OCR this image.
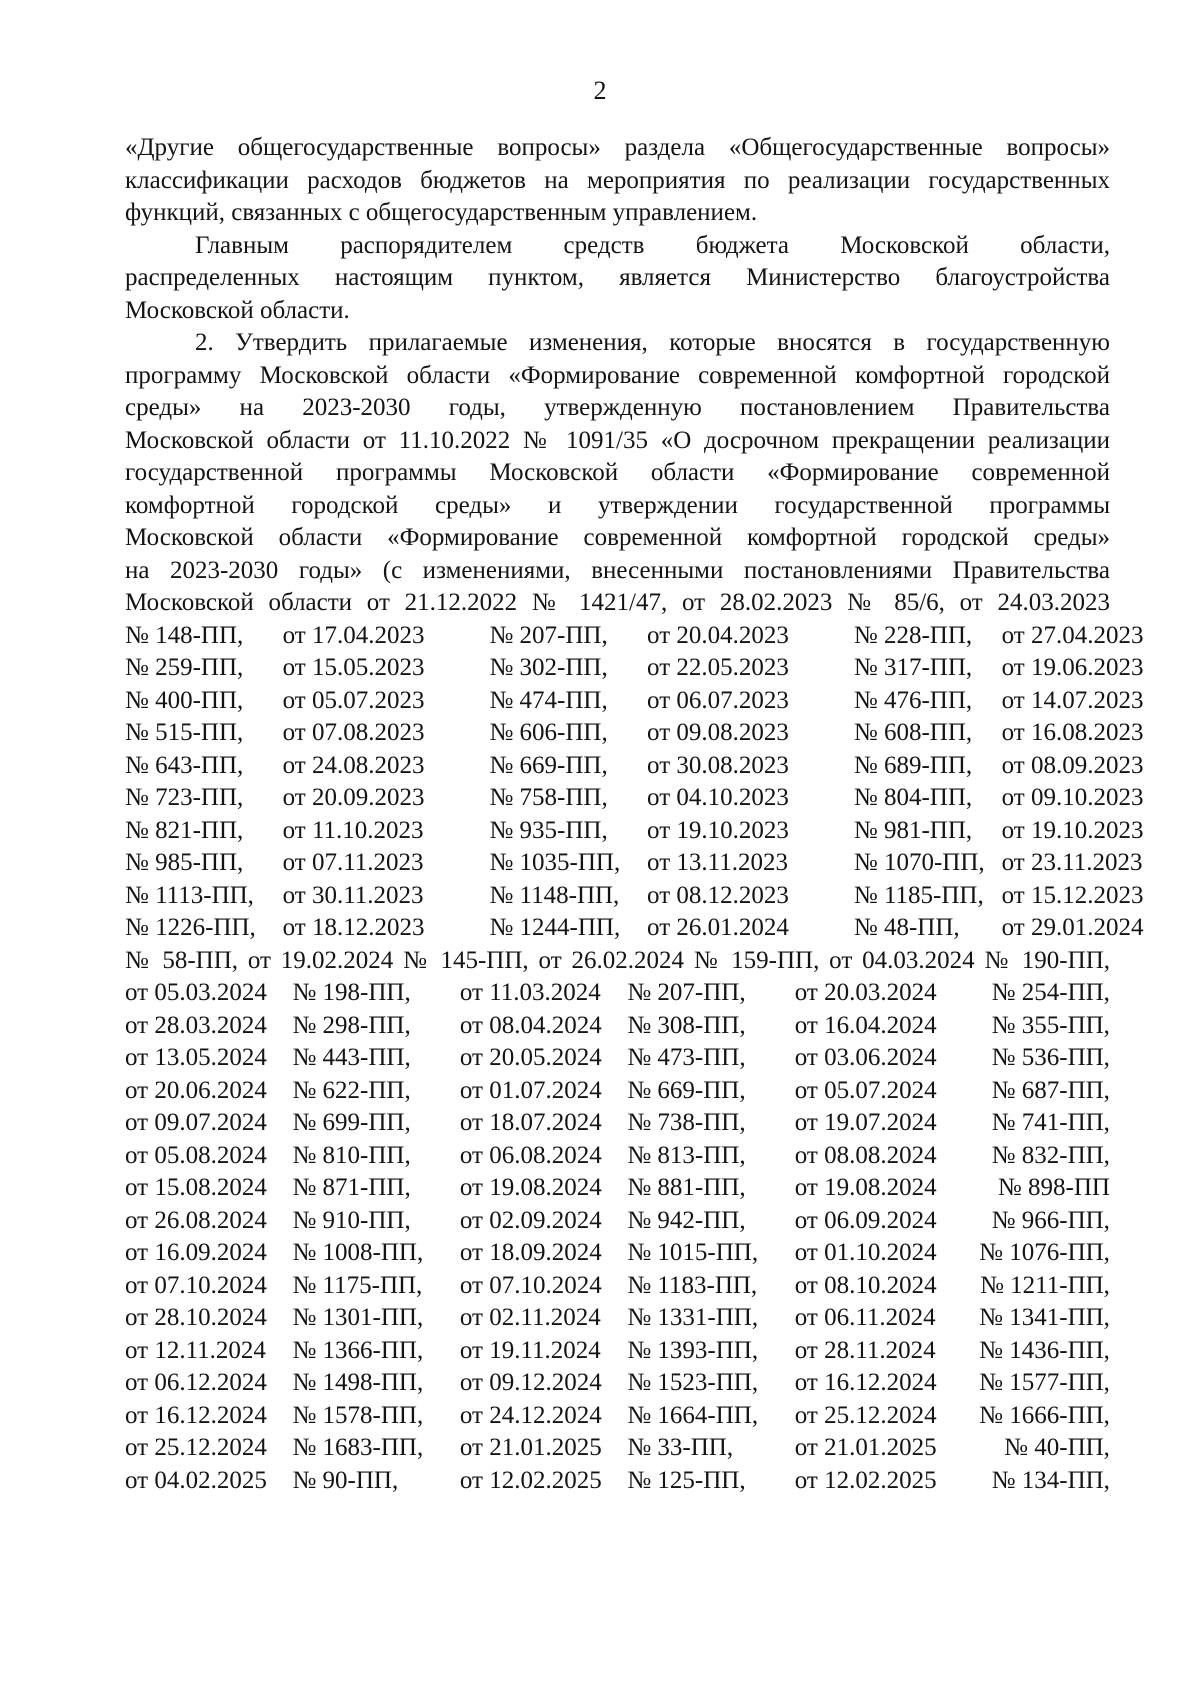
2
«Другие общегосударственные вопросы» раздела «Общегосударственные вопросы»
классификации расходов бюджетов на мероприятия по реализации государственных
функций, связанных с общегосударственным управлением.
Главным распорядителем средств бюджета Московской области,
распределенных настоящим пунктом, является Министерство благоустройства
Московской области.
2. Утвердить прилагаемые изменения, которые вносятся в государственную
программу Московской области «Формирование современной комфортной городской
среды» на 2023-2030 годы, утвержденную постановлением Правительства
Московской области от 11.10.2022 № 1091/35 «О досрочном прекращении реализации
государственной программы Московской области «Формирование современной
комфортной городской среды» и утверждении государственной программы
Московской области «Формирование современной комфортной городской среды»
на 2023-2030 годы» (с изменениями, внесенными постановлениями Правительства
Московской области от 21.12.2022 № 1421/47, от 28.02.2023 № 85/6, от 24.03.2023
№ 148-ПП,	от 17.04.2023	№ 207-ПП,	от 20.04.2023	№ 228-ПП,	от 27.04.2023
№ 259-ПП,	от 15.05.2023	№ 302-ПП,	от 22.05.2023	№ 317-ПП,	от 19.06.2023
№ 400-ПП,	от 05.07.2023	№ 474-ПП,	от 06.07.2023	№ 476-ПП,	от 14.07.2023
№ 515-ПП,	от 07.08.2023	№ 606-ПП,	от 09.08.2023	№ 608-ПП,	от 16.08.2023
№ 643-ПП,	от 24.08.2023	№ 669-ПП,	от 30.08.2023	№ 689-ПП,	от 08.09.2023
№ 723-ПП,	от 20.09.2023	№ 758-ПП,	от 04.10.2023	№ 804-ПП,	от 09.10.2023
№ 821-ПП,	от 11.10.2023	№ 935-ПП,	от 19.10.2023	№ 981-ПП,	от 19.10.2023
№ 985-ПП,	от 07.11.2023	№ 1035-ПП,	от 13.11.2023	№ 1070-ПП, от 23.11.2023
№ 1113-ПП,	от 30.11.2023	№ 1148-ПП,	от 08.12.2023	№ 1185-ПП, от 15.12.2023
№ 1226-ПП,	от 18.12.2023	№ 1244-ПП,	от 26.01.2024	№ 48-ПП,	от 29.01.2024
№ 58-ПП, от 19.02.2024 № 145-ПП, от 26.02.2024 № 159-ПП, от 04.03.2024 № 190-ПП,
от 05.03.2024	№ 198-ПП,	от 11.03.2024	№ 207-ПП,	от 20.03.2024	№ 254-ПП,
от 28.03.2024	№ 298-ПП,	от 08.04.2024	№ 308-ПП,	от 16.04.2024	№ 355-ПП,
от 13.05.2024	№ 443-ПП,	от 20.05.2024	№ 473-ПП,	от 03.06.2024	№ 536-ПП,
от 20.06.2024	№ 622-ПП,	от 01.07.2024	№ 669-ПП,	от 05.07.2024	№ 687-ПП,
от 09.07.2024	№ 699-ПП,	от 18.07.2024	№ 738-ПП,	от 19.07.2024	№ 741-ПП,
от 05.08.2024	№ 810-ПП,	от 06.08.2024	№ 813-ПП,	от 08.08.2024	№ 832-ПП,
от 15.08.2024	№ 871-ПП,	от 19.08.2024	№ 881-ПП,	от 19.08.2024	№ 898-ПП
от 26.08.2024	№ 910-ПП,	от 02.09.2024	№ 942-ПП,	от 06.09.2024	№ 966-ПП,
от 16.09.2024	№ 1008-ПП,	от 18.09.2024	№ 1015-ПП,	от 01.10.2024	№ 1076-ПП,
от 07.10.2024	№ 1175-ПП,	от 07.10.2024	№ 1183-ПП,	от 08.10.2024	№ 1211-ПП,
от 28.10.2024	№ 1301-ПП,	от 02.11.2024	№ 1331-ПП,	от 06.11.2024	№ 1341-ПП,
от 12.11.2024	№ 1366-ПП,	от 19.11.2024	№ 1393-ПП,	от 28.11.2024	№ 1436-ПП,
от 06.12.2024	№ 1498-ПП,	от 09.12.2024	№ 1523-ПП,	от 16.12.2024	№ 1577-ПП,
от 16.12.2024	№ 1578-ПП,	от 24.12.2024	№ 1664-ПП,	от 25.12.2024	№ 1666-ПП,
от 25.12.2024	№ 1683-ПП,	от 21.01.2025	№ 33-ПП,	от 21.01.2025	№ 40-ПП,
от 04.02.2025	№ 90-ПП,	от 12.02.2025	№ 125-ПП,	от 12.02.2025	№ 134-ПП,
